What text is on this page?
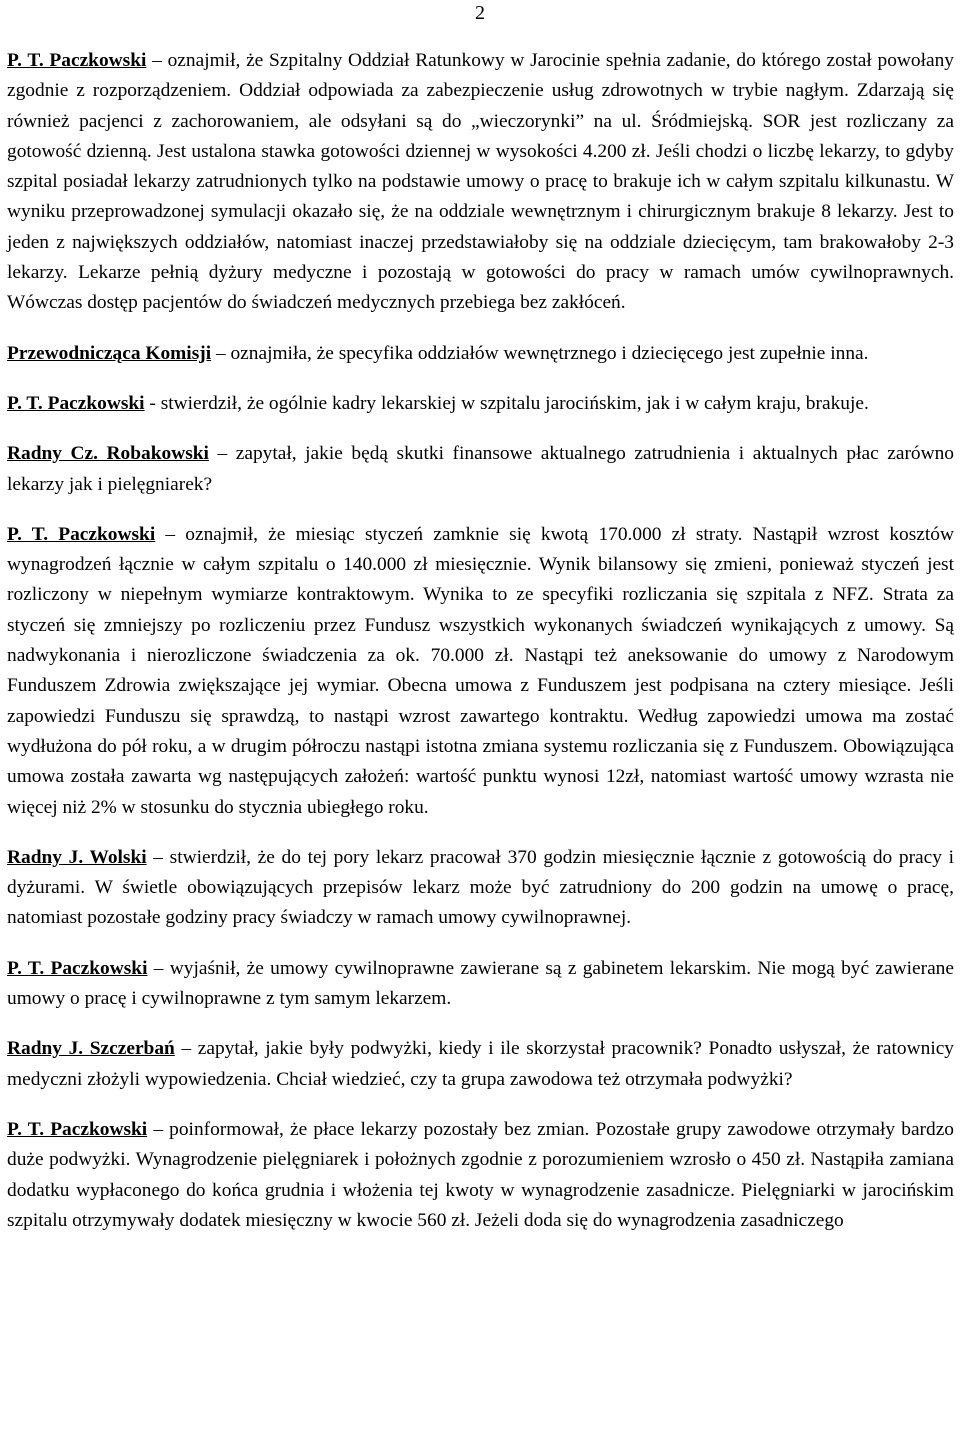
2

P. T. Paczkowski – oznajmił, że Szpitalny Oddział Ratunkowy w Jarocinie spełnia zadanie, do którego został powołany zgodnie z rozporządzeniem. Oddział odpowiada za zabezpieczenie usług zdrowotnych w trybie nagłym. Zdarzają się również pacjenci z zachorowaniem, ale odsyłani są do „wieczorynki” na ul. Śródmiejską. SOR jest rozliczany za gotowość dzienną. Jest ustalona stawka gotowości dziennej w wysokości 4.200 zł. Jeśli chodzi o liczbę lekarzy, to gdyby szpital posiadał lekarzy zatrudnionych tylko na podstawie umowy o pracę to brakuje ich w całym szpitalu kilkunastu. W wyniku przeprowadzonej symulacji okazało się, że na oddziale wewnętrznym i chirurgicznym brakuje 8 lekarzy. Jest to jeden z największych oddziałów, natomiast inaczej przedstawiałoby się na oddziale dziecięcym, tam brakowałoby 2-3 lekarzy. Lekarze pełnią dyżury medyczne i pozostają w gotowości do pracy w ramach umów cywilnoprawnych. Wówczas dostęp pacjentów do świadczeń medycznych przebiega bez zakłóceń.

Przewodnicząca Komisji – oznajmiła, że specyfika oddziałów wewnętrznego i dziecięcego jest zupełnie inna.

P. T. Paczkowski - stwierdził, że ogólnie kadry lekarskiej w szpitalu jarocińskim, jak i w całym kraju, brakuje.

Radny Cz. Robakowski – zapytał, jakie będą skutki finansowe aktualnego zatrudnienia i aktualnych płac zarówno lekarzy jak i pielęgniarek?

P. T. Paczkowski – oznajmił, że miesiąc styczeń zamknie się kwotą 170.000 zł straty. Nastąpił wzrost kosztów wynagrodzeń łącznie w całym szpitalu o 140.000 zł miesięcznie. Wynik bilansowy się zmieni, ponieważ styczeń jest rozliczony w niepełnym wymiarze kontraktowym. Wynika to ze specyfiki rozliczania się szpitala z NFZ. Strata za styczeń się zmniejszy po rozliczeniu przez Fundusz wszystkich wykonanych świadczeń wynikających z umowy. Są nadwykonania i nierozliczone świadczenia za ok. 70.000 zł. Nastąpi też aneksowanie do umowy z Narodowym Funduszem Zdrowia zwiększające jej wymiar. Obecna umowa z Funduszem jest podpisana na cztery miesiące. Jeśli zapowiedzi Funduszu się sprawdzą, to nastąpi wzrost zawartego kontraktu. Według zapowiedzi umowa ma zostać wydłużona do pół roku, a w drugim półroczu nastąpi istotna zmiana systemu rozliczania się z Funduszem. Obowiązująca umowa została zawarta wg następujących założeń: wartość punktu wynosi 12zł, natomiast wartość umowy wzrasta nie więcej niż 2% w stosunku do stycznia ubiegłego roku.

Radny J. Wolski – stwierdził, że do tej pory lekarz pracował 370 godzin miesięcznie łącznie z gotowością do pracy i dyżurami. W świetle obowiązujących przepisów lekarz może być zatrudniony do 200 godzin na umowę o pracę, natomiast pozostałe godziny pracy świadczy w ramach umowy cywilnoprawnej.

P. T. Paczkowski – wyjaśnił, że umowy cywilnoprawne zawierane są z gabinetem lekarskim. Nie mogą być zawierane umowy o pracę i cywilnoprawne z tym samym lekarzem.

Radny J. Szczerbań – zapytał, jakie były podwyżki, kiedy i ile skorzystał pracownik? Ponadto usłyszał, że ratownicy medyczni złożyli wypowiedzenia. Chciał wiedzieć, czy ta grupa zawodowa też otrzymała podwyżki?

P. T. Paczkowski – poinformował, że płace lekarzy pozostały bez zmian. Pozostałe grupy zawodowe otrzymały bardzo duże podwyżki. Wynagrodzenie pielęgniarek i położnych zgodnie z porozumieniem wzrosło o 450 zł. Nastąpiła zamiana dodatku wypłaconego do końca grudnia i włożenia tej kwoty w wynagrodzenie zasadnicze. Pielęgniarki w jarocińskim szpitalu otrzymywały dodatek miesięczny w kwocie 560 zł. Jeżeli doda się do wynagrodzenia zasadniczego
